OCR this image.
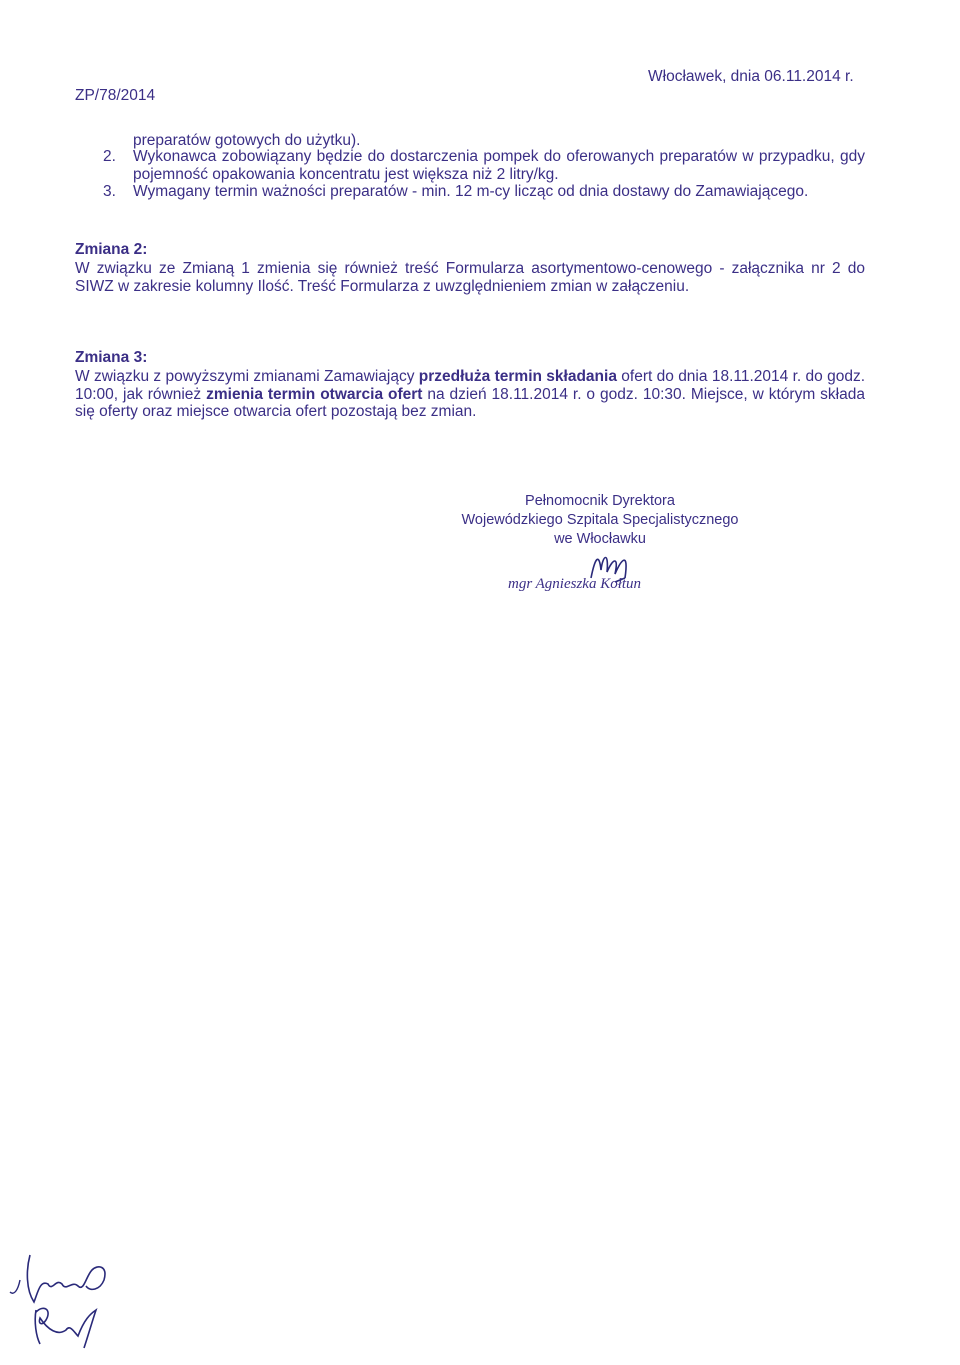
ZP/78/2014
Włocławek, dnia 06.11.2014 r.
preparatów gotowych do użytku).
2.	Wykonawca zobowiązany będzie do dostarczenia pompek do oferowanych preparatów w przypadku, gdy pojemność opakowania koncentratu jest większa niż 2 litry/kg.
3.	Wymagany termin ważności preparatów - min. 12 m-cy licząc od dnia dostawy do Zamawiającego.
Zmiana 2:
W związku ze Zmianą 1 zmienia się również treść Formularza asortymentowo-cenowego - załącznika nr 2 do SIWZ w zakresie kolumny Ilość. Treść Formularza z uwzględnieniem zmian w załączeniu.
Zmiana 3:
W związku z powyższymi zmianami Zamawiający przedłuża termin składania ofert do dnia 18.11.2014 r. do godz. 10:00, jak również zmienia termin otwarcia ofert na dzień 18.11.2014 r. o godz. 10:30. Miejsce, w którym składa się oferty oraz miejsce otwarcia ofert pozostają bez zmian.
Pełnomocnik Dyrektora
Wojewódzkiego Szpitala Specjalistycznego
we Włocławku
mgr Agnieszka Kołtun
